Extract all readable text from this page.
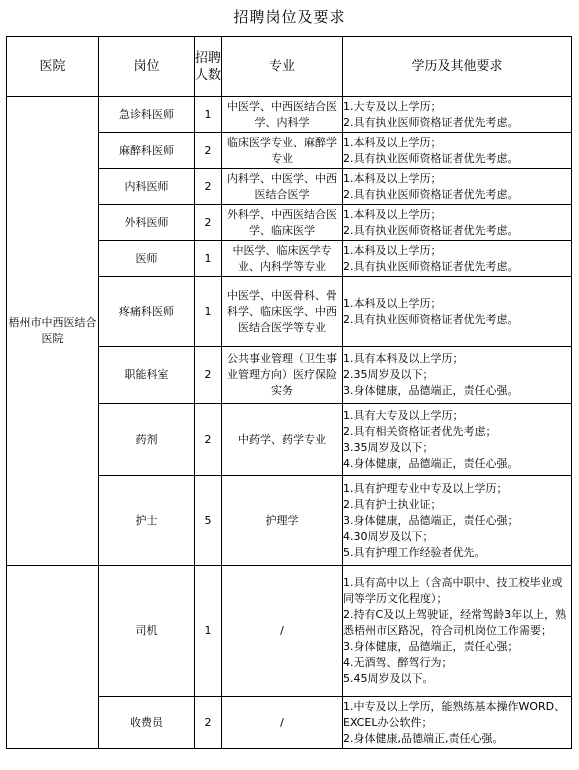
招聘岗位及要求
医院	岗位	招聘人数	专业	学历及其他要求
梧州市中西医结合医院	急诊科医师	1	中医学、中西医结合医学、内科学	1.大专及以上学历；
2.具有执业医师资格证者优先考虑。

	麻醉科医师	2	临床医学专业、麻醉学专业	1.本科及以上学历；
2.具有执业医师资格证者优先考虑。

	内科医师	2	内科学、中医学、中西医结合医学	1.本科及以上学历；
2.具有执业医师资格证者优先考虑。

	外科医师	2	外科学、中西医结合医学、临床医学	1.本科及以上学历；
2.具有执业医师资格证者优先考虑。

	医师	1	中医学、临床医学专业、内科学等专业	1.本科及以上学历；
2.具有执业医师资格证者优先考虑。

	疼痛科医师	1	中医学、中医骨科、骨科学、临床医学、中西医结合医学等专业	1.本科及以上学历；
2.具有执业医师资格证者优先考虑。

	职能科室	2	公共事业管理（卫生事业管理方向）医疗保险实务	1.具有本科及以上学历；
2.35周岁及以下；
3.身体健康，品德端正，责任心强。

	药剂	2	中药学、药学专业	1.具有大专及以上学历；
2.具有相关资格证者优先考虑；
3.35周岁及以下；
4.身体健康，品德端正，责任心强。

	护士	5	护理学	1.具有护理专业中专及以上学历；
2.具有护士执业证；
3.身体健康，品德端正，责任心强；
4.30周岁及以下；
5.具有护理工作经验者优先。

	司机	1	/	1.具有高中以上（含高中职中、技工校毕业或同等学历文化程度）；
2.持有C及以上驾驶证，经常驾龄3年以上，熟悉梧州市区路况，符合司机岗位工作需要；
3.身体健康，品德端正，责任心强；
4.无酒驾、醉驾行为；
5.45周岁及以下。

	收费员	2	/	1.中专及以上学历，能熟练基本操作WORD、EXCEL办公软件；
2.身体健康,品德端正,责任心强。
